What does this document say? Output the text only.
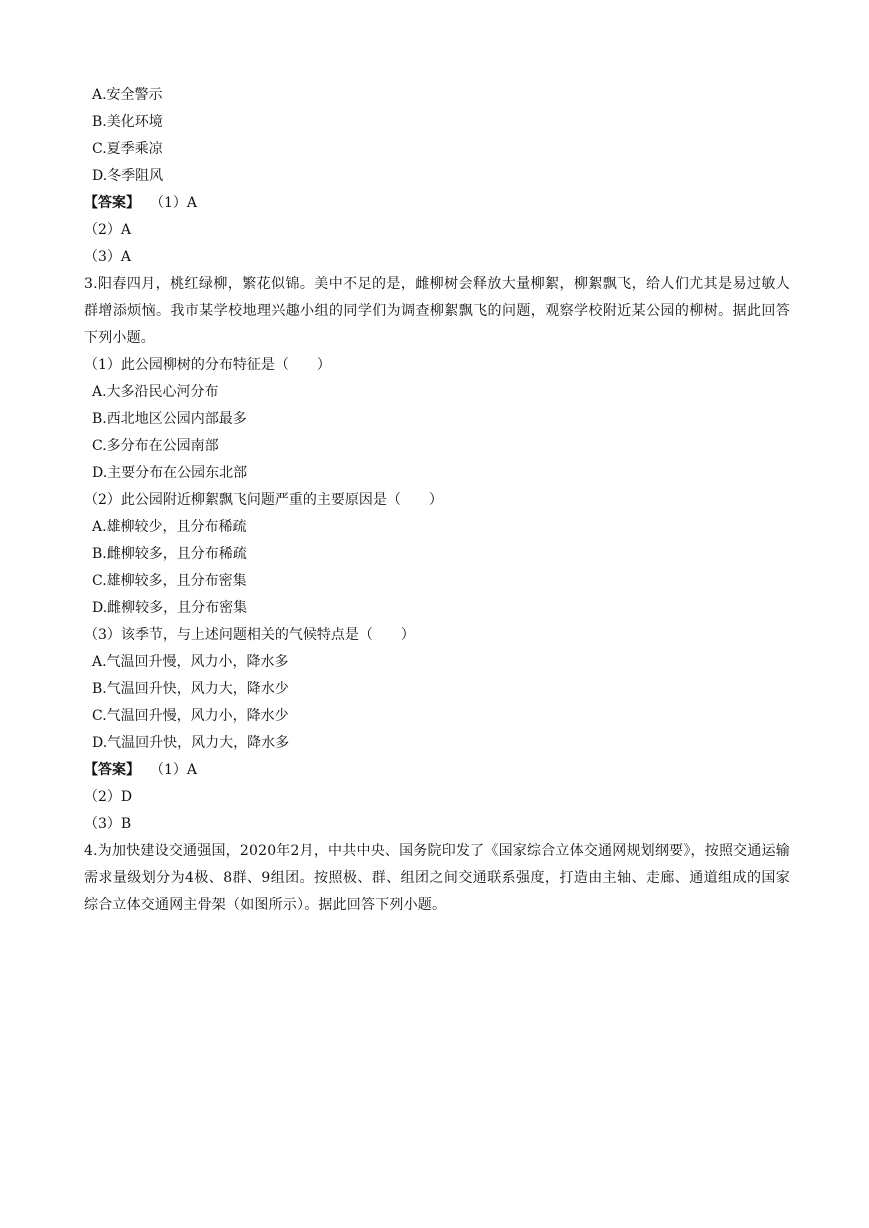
A.安全警示
B.美化环境
C.夏季乘凉
D.冬季阻风
【答案】 （1）A
（2）A
（3）A
3.阳春四月，桃红绿柳，繁花似锦。美中不足的是，雌柳树会释放大量柳絮，柳絮飘飞，给人们尤其是易过敏人群增添烦恼。我市某学校地理兴趣小组的同学们为调查柳絮飘飞的问题，观察学校附近某公园的柳树。据此回答下列小题。
（1）此公园柳树的分布特征是（　　）
A.大多沿民心河分布
B.西北地区公园内部最多
C.多分布在公园南部
D.主要分布在公园东北部
（2）此公园附近柳絮飘飞问题严重的主要原因是（　　）
A.雄柳较少，且分布稀疏
B.雌柳较多，且分布稀疏
C.雄柳较多，且分布密集
D.雌柳较多，且分布密集
（3）该季节，与上述问题相关的气候特点是（　　）
A.气温回升慢，风力小，降水多
B.气温回升快，风力大，降水少
C.气温回升慢，风力小，降水少
D.气温回升快，风力大，降水多
【答案】 （1）A
（2）D
（3）B
4.为加快建设交通强国，2020年2月，中共中央、国务院印发了《国家综合立体交通网规划纲要》，按照交通运输需求量级划分为4极、8群、9组团。按照极、群、组团之间交通联系强度，打造由主轴、走廊、通道组成的国家综合立体交通网主骨架（如图所示）。据此回答下列小题。
